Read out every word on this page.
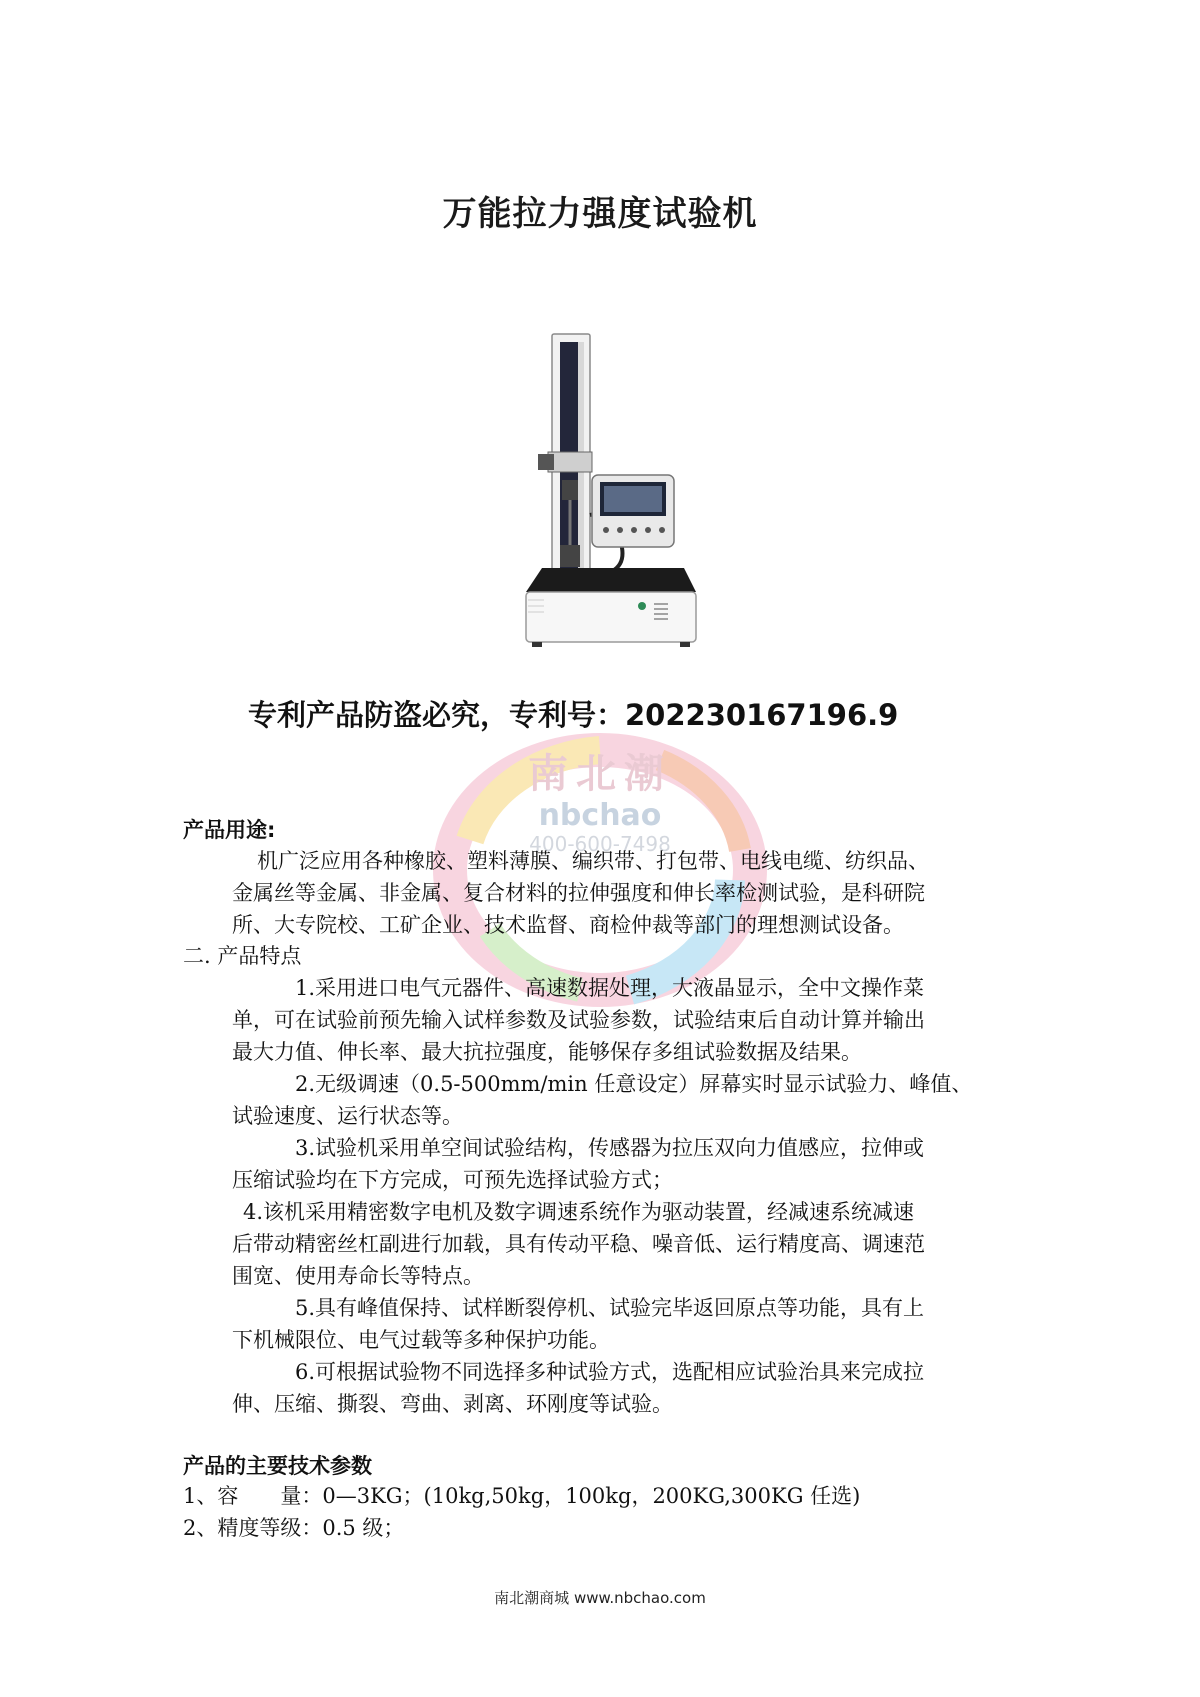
万能拉力强度试验机
专利产品防盗必究，专利号：202230167196.9
南北潮
nbchao
400-600-7498
产品用途:
机广泛应用各种橡胶、塑料薄膜、编织带、打包带、电线电缆、纺织品、
金属丝等金属、非金属、复合材料的拉伸强度和伸长率检测试验，是科研院
所、大专院校、工矿企业、技术监督、商检仲裁等部门的理想测试设备。
二. 产品特点
1.采用进口电气元器件、高速数据处理，大液晶显示，全中文操作菜
单，可在试验前预先输入试样参数及试验参数，试验结束后自动计算并输出
最大力值、伸长率、最大抗拉强度，能够保存多组试验数据及结果。
2.无级调速（0.5-500mm/min 任意设定）屏幕实时显示试验力、峰值、
试验速度、运行状态等。
3.试验机采用单空间试验结构，传感器为拉压双向力值感应，拉伸或
压缩试验均在下方完成，可预先选择试验方式；
4.该机采用精密数字电机及数字调速系统作为驱动装置，经减速系统减速
后带动精密丝杠副进行加载，具有传动平稳、噪音低、运行精度高、调速范
围宽、使用寿命长等特点。
5.具有峰值保持、试样断裂停机、试验完毕返回原点等功能，具有上
下机械限位、电气过载等多种保护功能。
6.可根据试验物不同选择多种试验方式，选配相应试验治具来完成拉
伸、压缩、撕裂、弯曲、剥离、环刚度等试验。
产品的主要技术参数
1、容　　量：0—3KG；(10kg,50kg，100kg，200KG,300KG 任选)
2、精度等级：0.5 级；
南北潮商城 www.nbchao.com
